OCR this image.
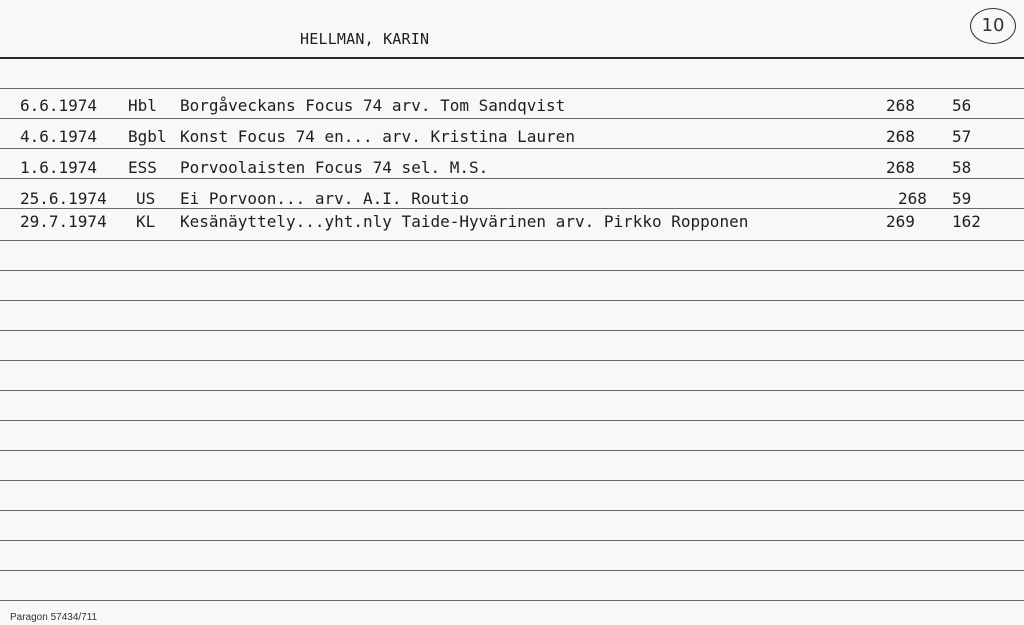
HELLMAN, KARIN
10
6.6.1974 Hbl Borgåveckans Focus 74 arv. Tom Sandqvist	268 56
4.6.1974 Bgbl Konst Focus 74 en... arv. Kristina Lauren	268 57
1.6.1974 ESS Porvoolaisten Focus 74 sel. M.S.	268 58
25.6.1974 US Ei Porvoon... arv. A.I. Routio	268 59
29.7.1974 KL Kesänäyttely...yht.nly Taide-Hyvärinen arv. Pirkko Ropponen	269 162
Paragon 57434/711
